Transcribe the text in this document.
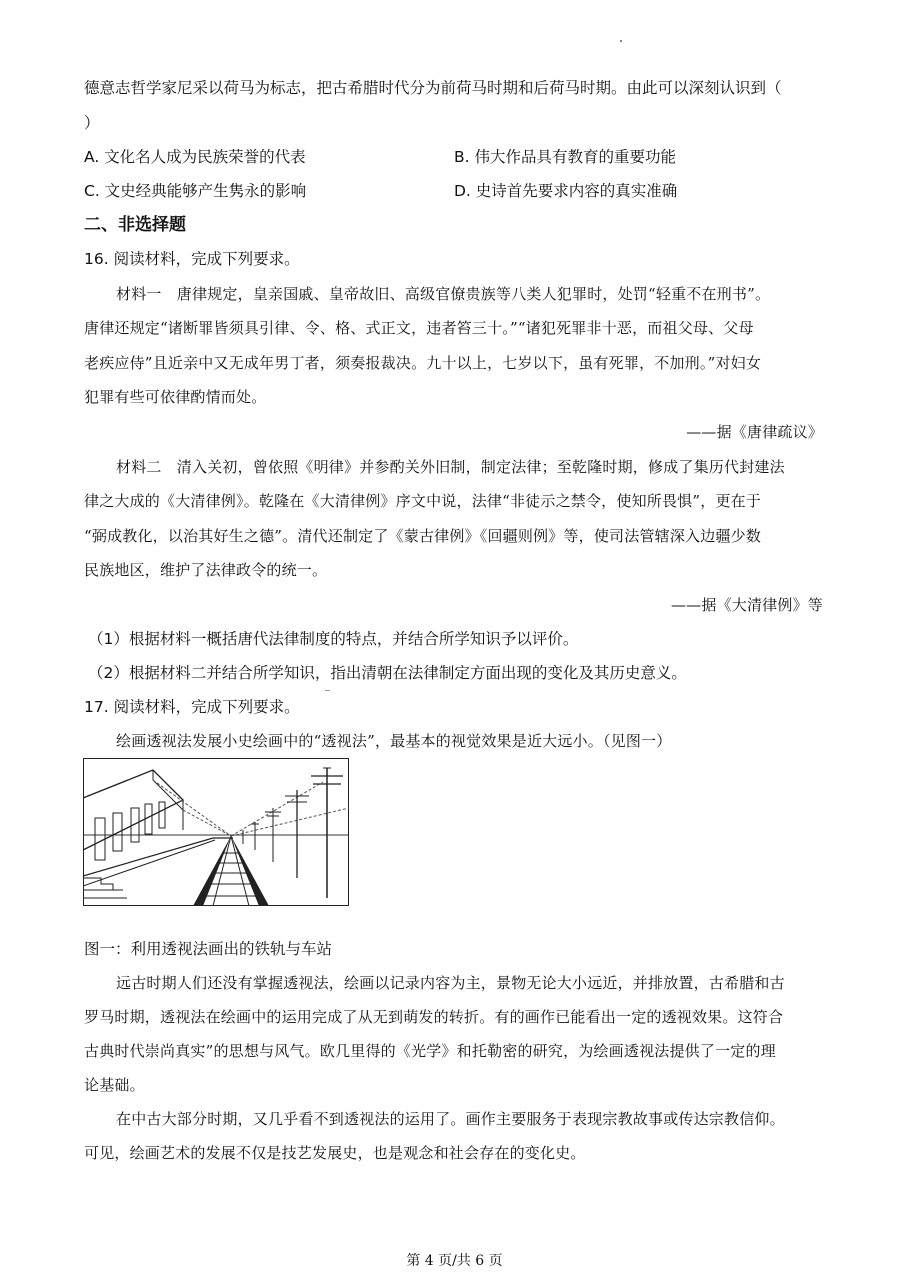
德意志哲学家尼采以荷马为标志，把古希腊时代分为前荷马时期和后荷马时期。由此可以深刻认识到（
）
A. 文化名人成为民族荣誉的代表	B. 伟大作品具有教育的重要功能
C. 文史经典能够产生隽永的影响	D. 史诗首先要求内容的真实准确
二、非选择题
16. 阅读材料，完成下列要求。
材料一　唐律规定，皇亲国戚、皇帝故旧、高级官僚贵族等八类人犯罪时，处罚“轻重不在刑书”。
唐律还规定“诸断罪皆须具引律、令、格、式正文，违者笞三十。”“诸犯死罪非十恶，而祖父母、父母
老疾应侍”且近亲中又无成年男丁者，须奏报裁决。九十以上，七岁以下，虽有死罪，不加刑。”对妇女
犯罪有些可依律酌情而处。
——据《唐律疏议》
材料二　清入关初，曾依照《明律》并参酌关外旧制，制定法律；至乾隆时期，修成了集历代封建法
律之大成的《大清律例》。乾隆在《大清律例》序文中说，法律“非徒示之禁令，使知所畏惧”，更在于
“弼成教化，以治其好生之德”。清代还制定了《蒙古律例》《回疆则例》等，使司法管辖深入边疆少数
民族地区，维护了法律政令的统一。
——据《大清律例》等
（1）根据材料一概括唐代法律制度的特点，并结合所学知识予以评价。
（2）根据材料二并结合所学知识，指出清朝在法律制定方面出现的变化及其历史意义。
17. 阅读材料，完成下列要求。
绘画透视法发展小史绘画中的“透视法”，最基本的视觉效果是近大远小。（见图一）
图一：利用透视法画出的铁轨与车站
远古时期人们还没有掌握透视法，绘画以记录内容为主，景物无论大小远近，并排放置，古希腊和古
罗马时期，透视法在绘画中的运用完成了从无到萌发的转折。有的画作已能看出一定的透视效果。这符合
古典时代崇尚真实”的思想与风气。欧几里得的《光学》和托勒密的研究，为绘画透视法提供了一定的理
论基础。
在中古大部分时期，又几乎看不到透视法的运用了。画作主要服务于表现宗教故事或传达宗教信仰。
可见，绘画艺术的发展不仅是技艺发展史，也是观念和社会存在的变化史。
第 4 页/共 6 页
